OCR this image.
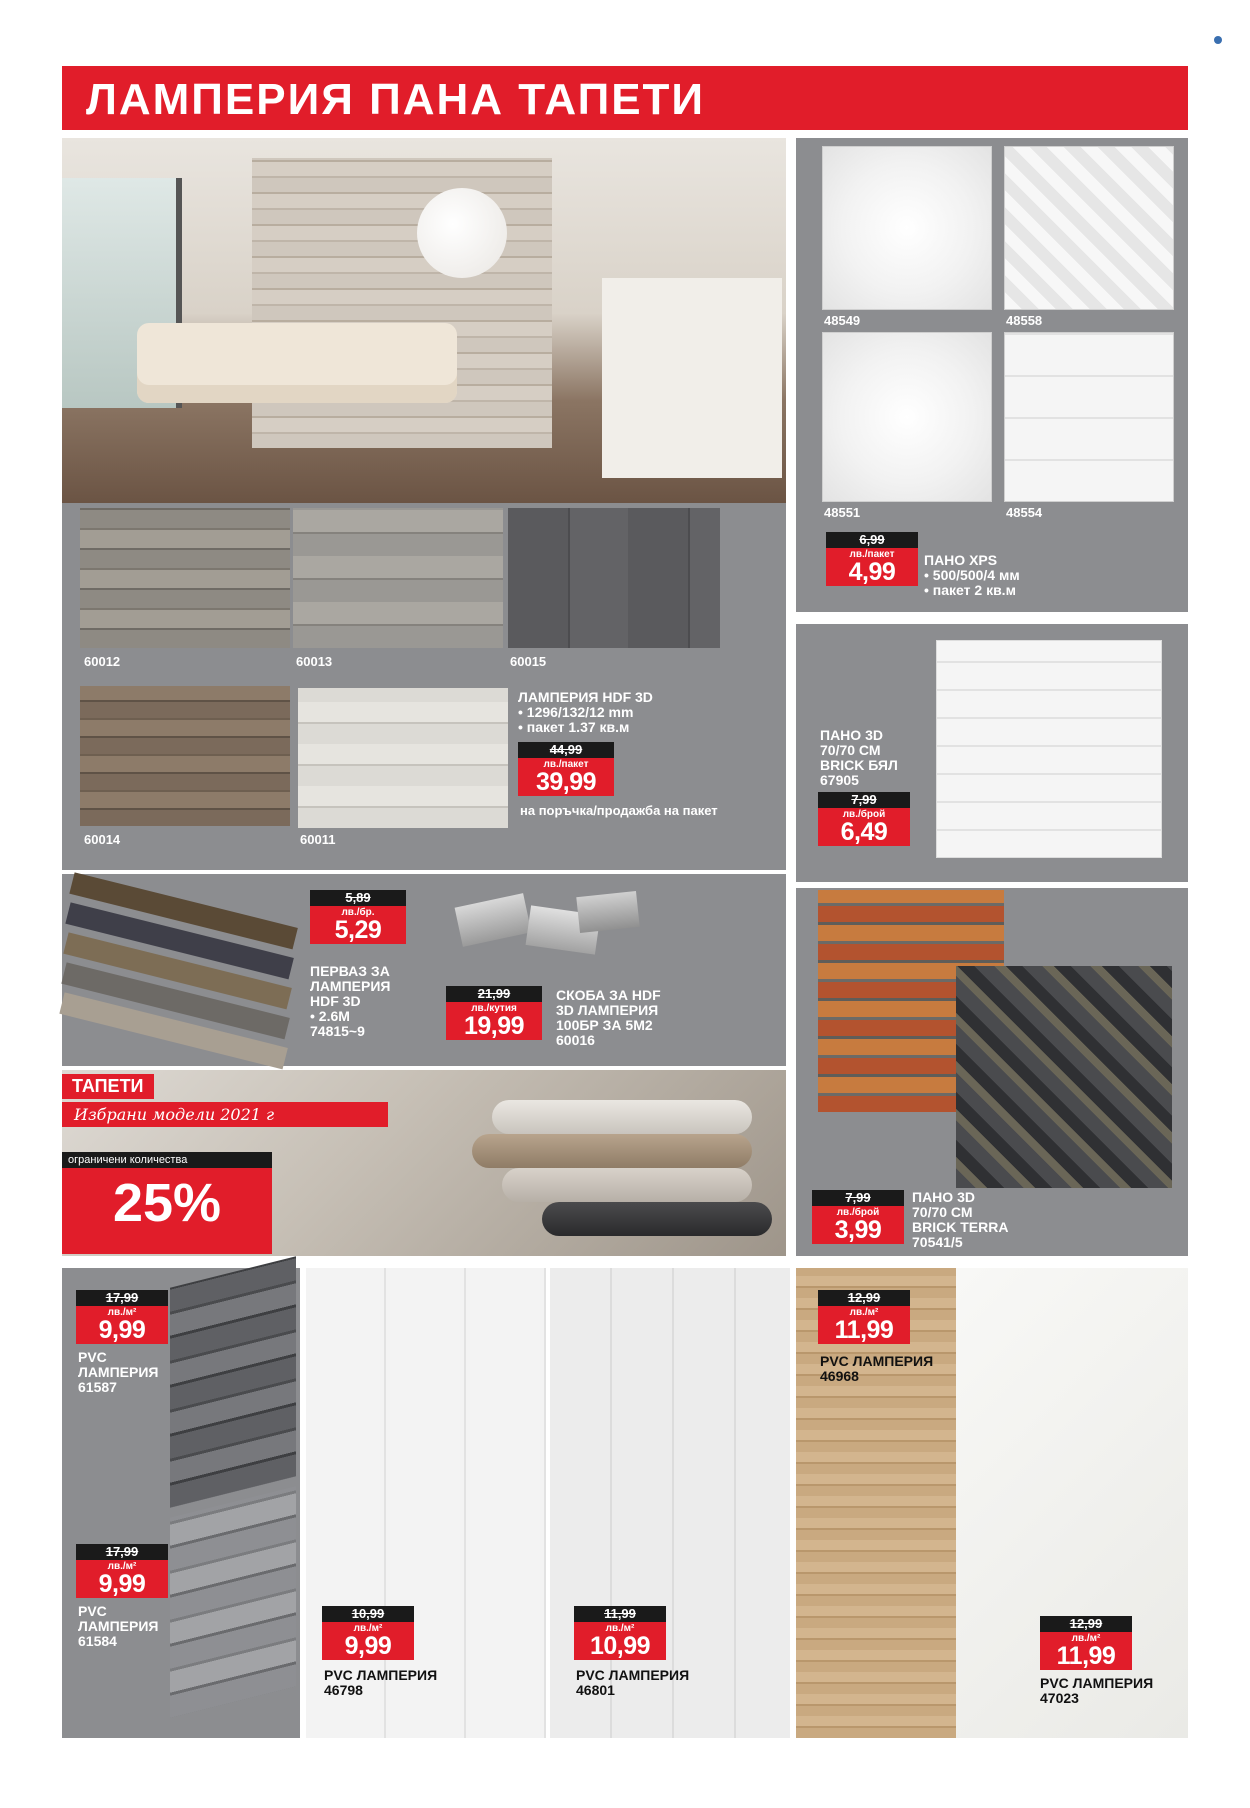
ЛАМПЕРИЯ ПАНА ТАПЕТИ
60012	60013	60015
60014	60011
ЛАМПЕРИЯ HDF 3D
• 1296/132/12 mm
• пакет 1.37 кв.м
44,99
лв./пакет
39,99
на поръчка/продажба на пакет
48549	48558
48551	48554
6,99
лв./пакет
4,99	ПАНО XPS
• 500/500/4 мм
• пакет 2 кв.м
ПАНО 3D
70/70 СМ
BRICK БЯЛ
67905
7,99
лв./брой
6,49
5,89
лв./бр.
5,29
ПЕРВАЗ ЗА
ЛАМПЕРИЯ
HDF 3D
• 2.6M
74815~9
21,99
лв./кутия
19,99
СКОБА ЗА HDF
3D ЛАМПЕРИЯ
100БР ЗА 5М2
60016
ТАПЕТИ
Избрани модели 2021 г
ограничени количества
25%	7,99
лв./брой
3,99
ПАНО 3D
70/70 СМ
BRICK TERRA
70541/5
17,99
лв./м²
9,99
PVC
ЛАМПЕРИЯ
61587
17,99
лв./м²
9,99
PVC
ЛАМПЕРИЯ
61584
10,99
лв./м²
9,99
PVC ЛАМПЕРИЯ
46798
11,99
лв./м²
10,99
PVC ЛАМПЕРИЯ
46801
12,99
лв./м²
11,99
PVC ЛАМПЕРИЯ
46968
12,99
лв./м²
11,99
PVC ЛАМПЕРИЯ
47023
